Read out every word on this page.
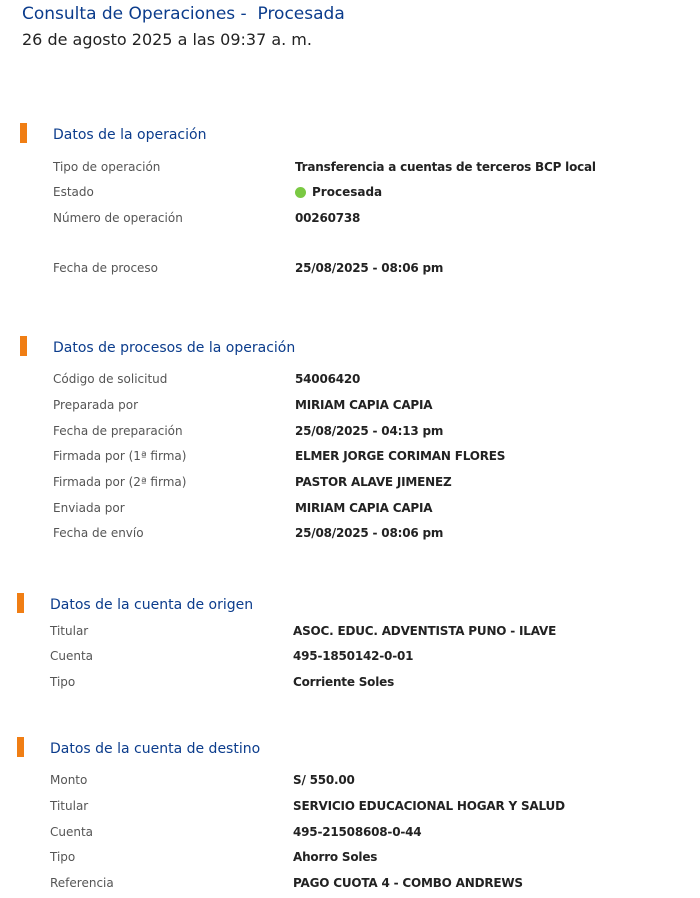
Consulta de Operaciones -  Procesada
26 de agosto 2025 a las 09:37 a. m.
Datos de la operación
Tipo de operación	Transferencia a cuentas de terceros BCP local
Estado	Procesada
Número de operación	00260738
Fecha de proceso	25/08/2025 - 08:06 pm
Datos de procesos de la operación
Código de solicitud	54006420
Preparada por	MIRIAM CAPIA CAPIA
Fecha de preparación	25/08/2025 - 04:13 pm
Firmada por (1ª firma)	ELMER JORGE CORIMAN FLORES
Firmada por (2ª firma)	PASTOR ALAVE JIMENEZ
Enviada por	MIRIAM CAPIA CAPIA
Fecha de envío	25/08/2025 - 08:06 pm
Datos de la cuenta de origen
Titular	ASOC. EDUC. ADVENTISTA PUNO - ILAVE
Cuenta	495-1850142-0-01
Tipo	Corriente Soles
Datos de la cuenta de destino
Monto	S/ 550.00
Titular	SERVICIO EDUCACIONAL HOGAR Y SALUD
Cuenta	495-21508608-0-44
Tipo	Ahorro Soles
Referencia	PAGO CUOTA 4 - COMBO ANDREWS
